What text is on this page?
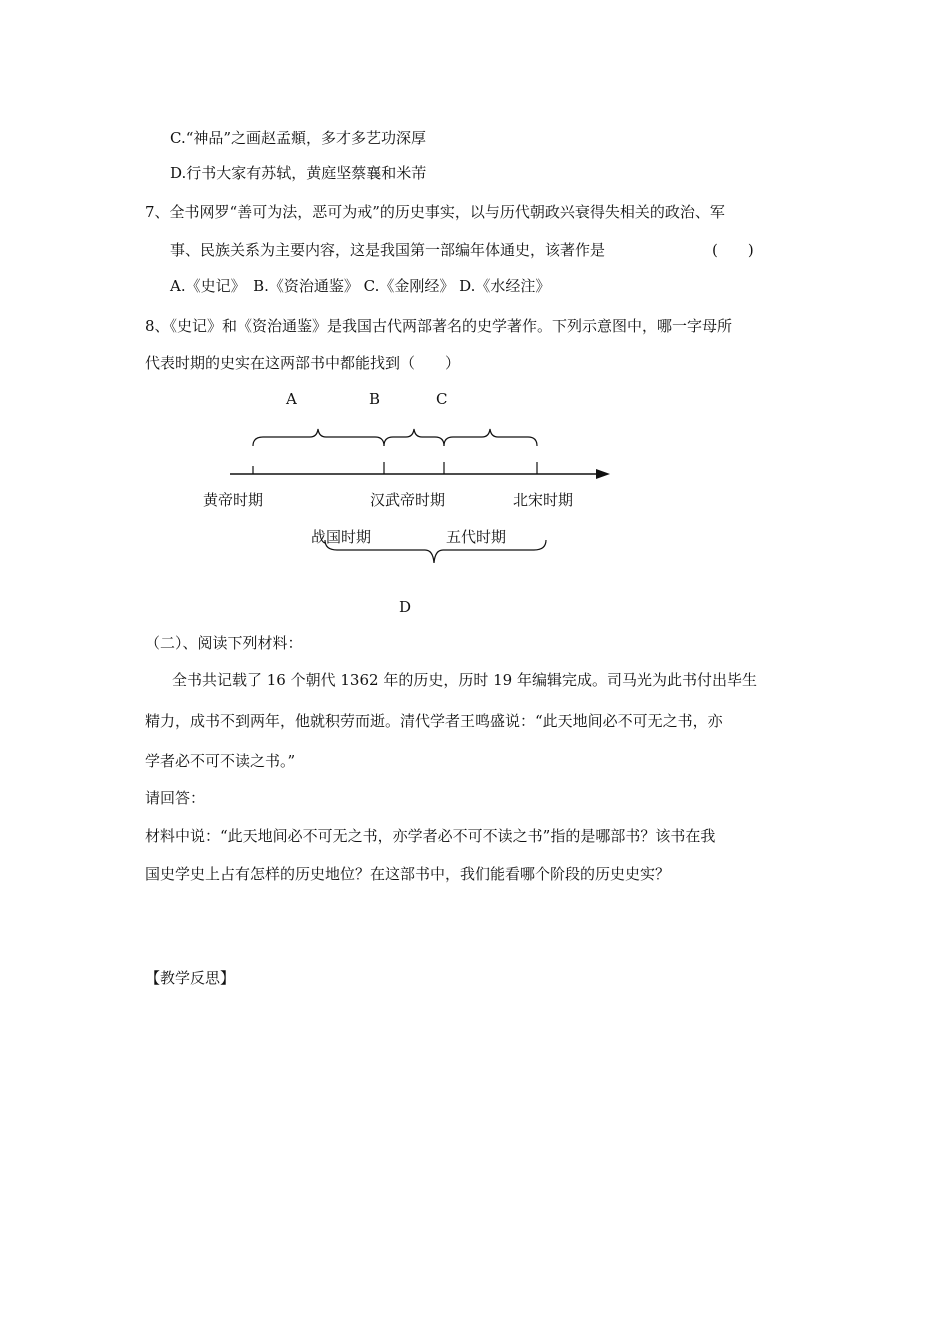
C.“神品”之画赵孟頫，多才多艺功深厚
D.行书大家有苏轼，黄庭坚蔡襄和米芾
7、全书网罗“善可为法，恶可为戒”的历史事实，以与历代朝政兴衰得失相关的政治、军
事、民族关系为主要内容，这是我国第一部编年体通史，该著作是	(　　)
A.《史记》　B.《资治通鉴》 C.《金刚经》 D.《水经注》
8、《史记》和《资治通鉴》是我国古代两部著名的史学著作。下列示意图中，哪一字母所
代表时期的史实在这两部书中都能找到（　　）
A	B	C
黄帝时期	汉武帝时期	北宋时期
战国时期	五代时期
D
（二）、阅读下列材料：
全书共记载了 16 个朝代 1362 年的历史，历时 19 年编辑完成。司马光为此书付出毕生
精力，成书不到两年，他就积劳而逝。清代学者王鸣盛说：“此天地间必不可无之书，亦
学者必不可不读之书。”
请回答：
材料中说：“此天地间必不可无之书，亦学者必不可不读之书”指的是哪部书？该书在我
国史学史上占有怎样的历史地位？在这部书中，我们能看哪个阶段的历史史实？
【教学反思】
